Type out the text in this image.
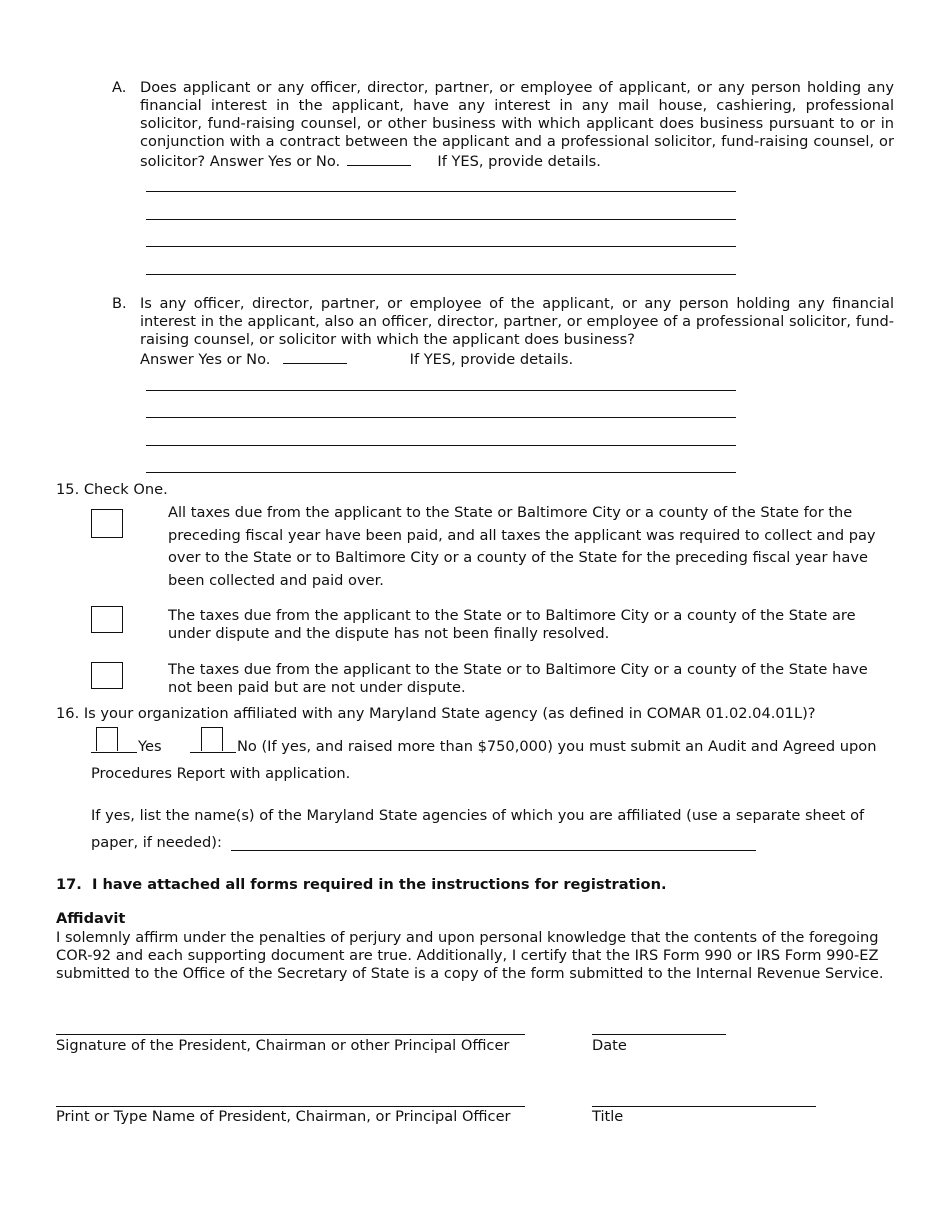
A. Does applicant or any officer, director, partner, or employee of applicant, or any person holding any financial interest in the applicant, have any interest in any mail house, cashiering, professional solicitor, fund-raising counsel, or other business with which applicant does business pursuant to or in conjunction with a contract between the applicant and a professional solicitor, fund-raising counsel, or solicitor? Answer Yes or No.	If YES, provide details.
B. Is any officer, director, partner, or employee of the applicant, or any person holding any financial interest in the applicant, also an officer, director, partner, or employee of a professional solicitor, fund-raising counsel, or solicitor with which the applicant does business?
Answer Yes or No.	If YES, provide details.
15. Check One.
All taxes due from the applicant to the State or Baltimore City or a county of the State for the preceding fiscal year have been paid, and all taxes the applicant was required to collect and pay over to the State or to Baltimore City or a county of the State for the preceding fiscal year have been collected and paid over.
The taxes due from the applicant to the State or to Baltimore City or a county of the State are under dispute and the dispute has not been finally resolved.
The taxes due from the applicant to the State or to Baltimore City or a county of the State have not been paid but are not under dispute.
16. Is your organization affiliated with any Maryland State agency (as defined in COMAR 01.02.04.01L)?
Yes	No (If yes, and raised more than $750,000) you must submit an Audit and Agreed upon
Procedures Report with application.
If yes, list the name(s) of the Maryland State agencies of which you are affiliated (use a separate sheet of
paper, if needed):
17.  I have attached all forms required in the instructions for registration.
Affidavit
I solemnly affirm under the penalties of perjury and upon personal knowledge that the contents of the foregoing COR-92 and each supporting document are true. Additionally, I certify that the IRS Form 990 or IRS Form 990-EZ submitted to the Office of the Secretary of State is a copy of the form submitted to the Internal Revenue Service.
Signature of the President, Chairman or other Principal Officer	Date
Print or Type Name of President, Chairman, or Principal Officer	Title
